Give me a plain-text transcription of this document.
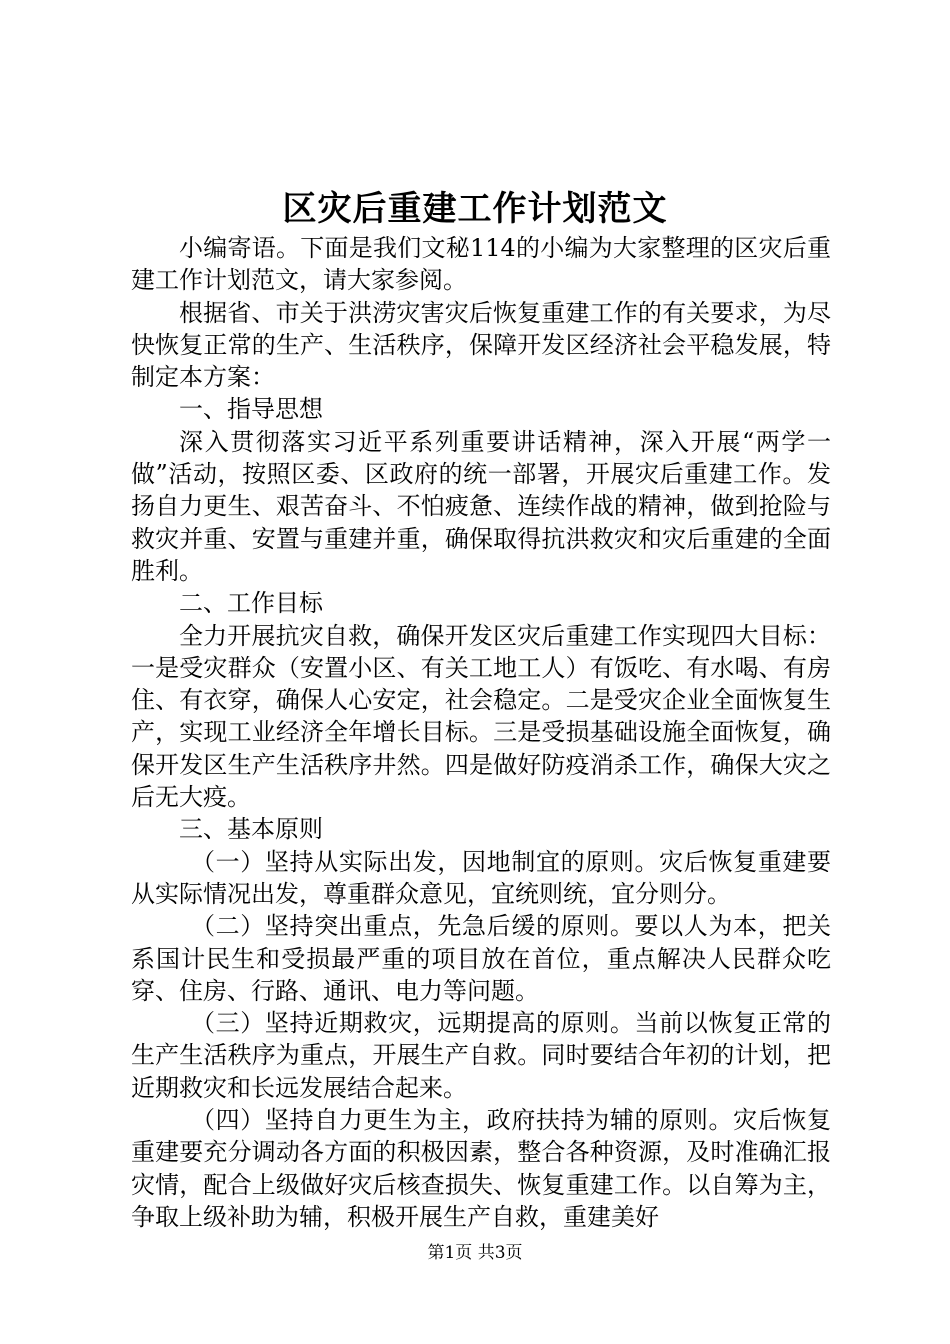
区灾后重建工作计划范文

小编寄语。下面是我们文秘114的小编为大家整理的区灾后重建工作计划范文，请大家参阅。

根据省、市关于洪涝灾害灾后恢复重建工作的有关要求，为尽快恢复正常的生产、生活秩序，保障开发区经济社会平稳发展，特制定本方案：

一、指导思想

深入贯彻落实习近平系列重要讲话精神，深入开展“两学一做”活动，按照区委、区政府的统一部署，开展灾后重建工作。发扬自力更生、艰苦奋斗、不怕疲惫、连续作战的精神，做到抢险与救灾并重、安置与重建并重，确保取得抗洪救灾和灾后重建的全面胜利。

二、工作目标

全力开展抗灾自救，确保开发区灾后重建工作实现四大目标：一是受灾群众（安置小区、有关工地工人）有饭吃、有水喝、有房住、有衣穿，确保人心安定，社会稳定。二是受灾企业全面恢复生产，实现工业经济全年增长目标。三是受损基础设施全面恢复，确保开发区生产生活秩序井然。四是做好防疫消杀工作，确保大灾之后无大疫。

三、基本原则

（一）坚持从实际出发，因地制宜的原则。灾后恢复重建要从实际情况出发，尊重群众意见，宜统则统，宜分则分。

（二）坚持突出重点，先急后缓的原则。要以人为本，把关系国计民生和受损最严重的项目放在首位，重点解决人民群众吃穿、住房、行路、通讯、电力等问题。

（三）坚持近期救灾，远期提高的原则。当前以恢复正常的生产生活秩序为重点，开展生产自救。同时要结合年初的计划，把近期救灾和长远发展结合起来。

（四）坚持自力更生为主，政府扶持为辅的原则。灾后恢复重建要充分调动各方面的积极因素，整合各种资源，及时准确汇报灾情，配合上级做好灾后核查损失、恢复重建工作。以自筹为主，争取上级补助为辅，积极开展生产自救，重建美好

第1页 共3页
